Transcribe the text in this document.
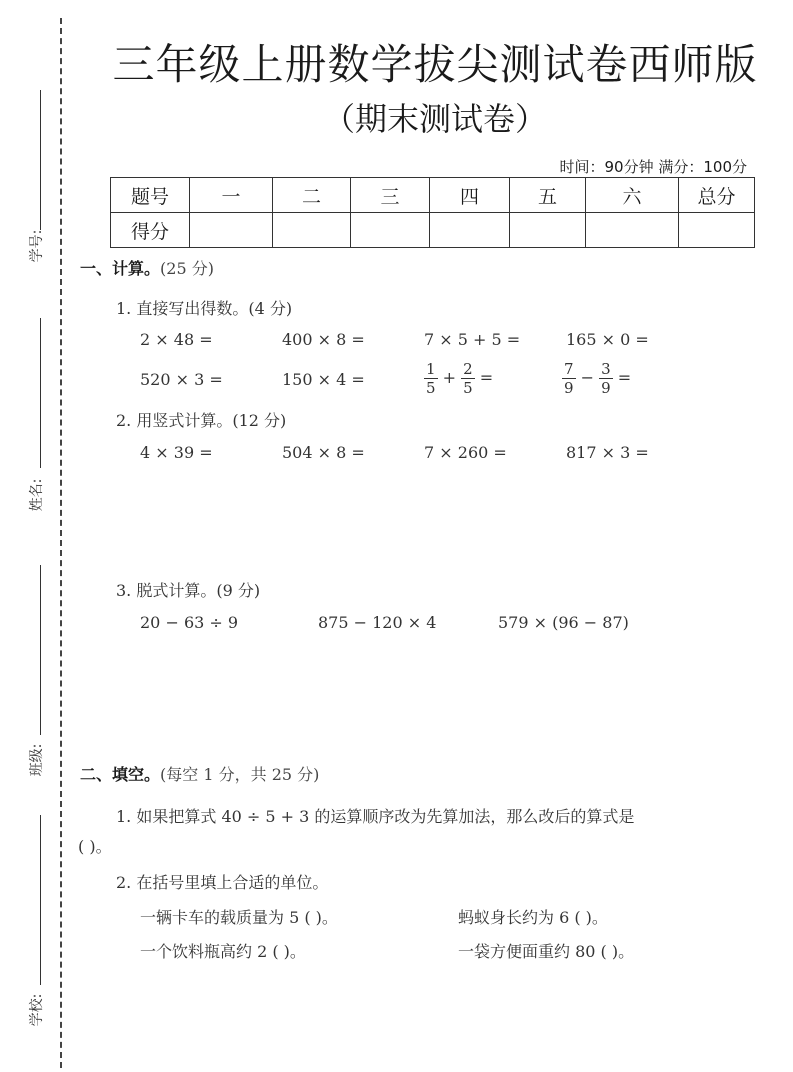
学号:
姓名:
班级:
学校:
三年级上册数学拔尖测试卷西师版
（期末测试卷）
时间：90分钟 满分：100分
题号	一	二	三	四	五	六	总分
得分							
一、计算。(25 分)
1. 直接写出得数。(4 分)
2 × 48 =	400 × 8 =	7 × 5 + 5 =	165 × 0 =
520 × 3 =	150 × 4 =	$\frac{1}{5} + \frac{2}{5}$ =	$\frac{7}{9} - \frac{3}{9}$ =
2. 用竖式计算。(12 分)
4 × 39 =	504 × 8 =	7 × 260 =	817 × 3 =
3. 脱式计算。(9 分)
20 − 63 ÷ 9	875 − 120 × 4	579 × (96 − 87)
二、填空。(每空 1 分，共 25 分)
1. 如果把算式 40 ÷ 5 + 3 的运算顺序改为先算加法，那么改后的算式是
( )。
2. 在括号里填上合适的单位。
一辆卡车的载质量为 5 ( )。	蚂蚁身长约为 6 ( )。
一个饮料瓶高约 2 ( )。	一袋方便面重约 80 ( )。
